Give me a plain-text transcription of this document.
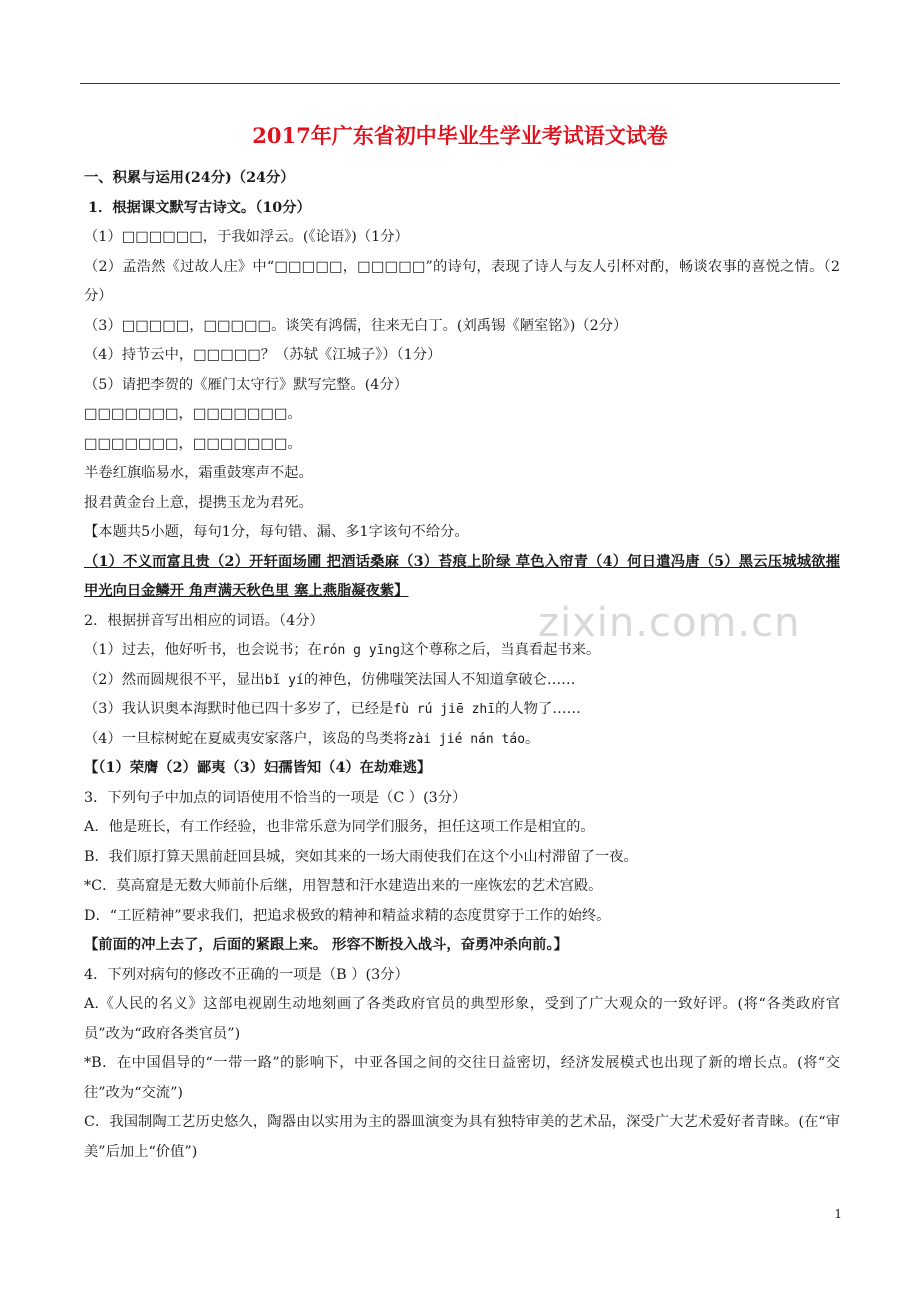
2017年广东省初中毕业生学业考试语文试卷
zixin.com.cn
一、积累与运用(24分)（24分）
1．根据课文默写古诗文。（10分）
（1）□□□□□□，于我如浮云。(《论语》)（1分）
（2）孟浩然《过故人庄》中“□□□□□，□□□□□”的诗句，表现了诗人与友人引杯对酌，畅谈农事的喜悦之情。（2分）
（3）□□□□□，□□□□□。谈笑有鸿儒，往来无白丁。(刘禹锡《陋室铭》)（2分）
（4）持节云中，□□□□□？（苏轼《江城子》）（1分）
（5）请把李贺的《雁门太守行》默写完整。(4分）
□□□□□□□，□□□□□□□。
□□□□□□□，□□□□□□□。
半卷红旗临易水，霜重鼓寒声不起。
报君黄金台上意，提携玉龙为君死。
【本题共5小题，每句1分，每句错、漏、多1字该句不给分。
（1）不义而富且贵（2）开轩面场圃 把酒话桑麻（3）苔痕上阶绿 草色入帘青（4）何日遣冯唐（5）黑云压城城欲摧 甲光向日金鳞开 角声满天秋色里 塞上燕脂凝夜紫】
2．根据拼音写出相应的词语。（4分）
（1）过去，他好听书，也会说书；在rón g yīng这个尊称之后，当真看起书来。
（2）然而圆规很不平，显出bǐ yí的神色，仿佛嗤笑法国人不知道拿破仑……
（3）我认识奥本海默时他已四十多岁了，已经是fù rú jiē zhī的人物了……
（4）一旦棕树蛇在夏威夷安家落户，该岛的鸟类将zài jié nán táo。
【（1）荣膺（2）鄙夷（3）妇孺皆知（4）在劫难逃】
3．下列句子中加点的词语使用不恰当的一项是（C ）(3分）
A．他是班长，有工作经验，也非常乐意为同学们服务，担任这项工作是相宜的。
B．我们原打算天黑前赶回县城，突如其来的一场大雨使我们在这个小山村滞留了一夜。
*C．莫高窟是无数大师前仆后继，用智慧和汗水建造出来的一座恢宏的艺术宫殿。
D．“工匠精神”要求我们，把追求极致的精神和精益求精的态度贯穿于工作的始终。
【前面的冲上去了，后面的紧跟上来。 形容不断投入战斗，奋勇冲杀向前。】
4．下列对病句的修改不正确的一项是（B ）(3分）
A.《人民的名义》这部电视剧生动地刻画了各类政府官员的典型形象，受到了广大观众的一致好评。(将“各类政府官员”改为“政府各类官员”)
*B．在中国倡导的“一带一路”的影响下，中亚各国之间的交往日益密切，经济发展模式也出现了新的增长点。(将“交往”改为“交流”)
C．我国制陶工艺历史悠久，陶器由以实用为主的器皿演变为具有独特审美的艺术品，深受广大艺术爱好者青睐。(在“审美”后加上“价值”)
1
